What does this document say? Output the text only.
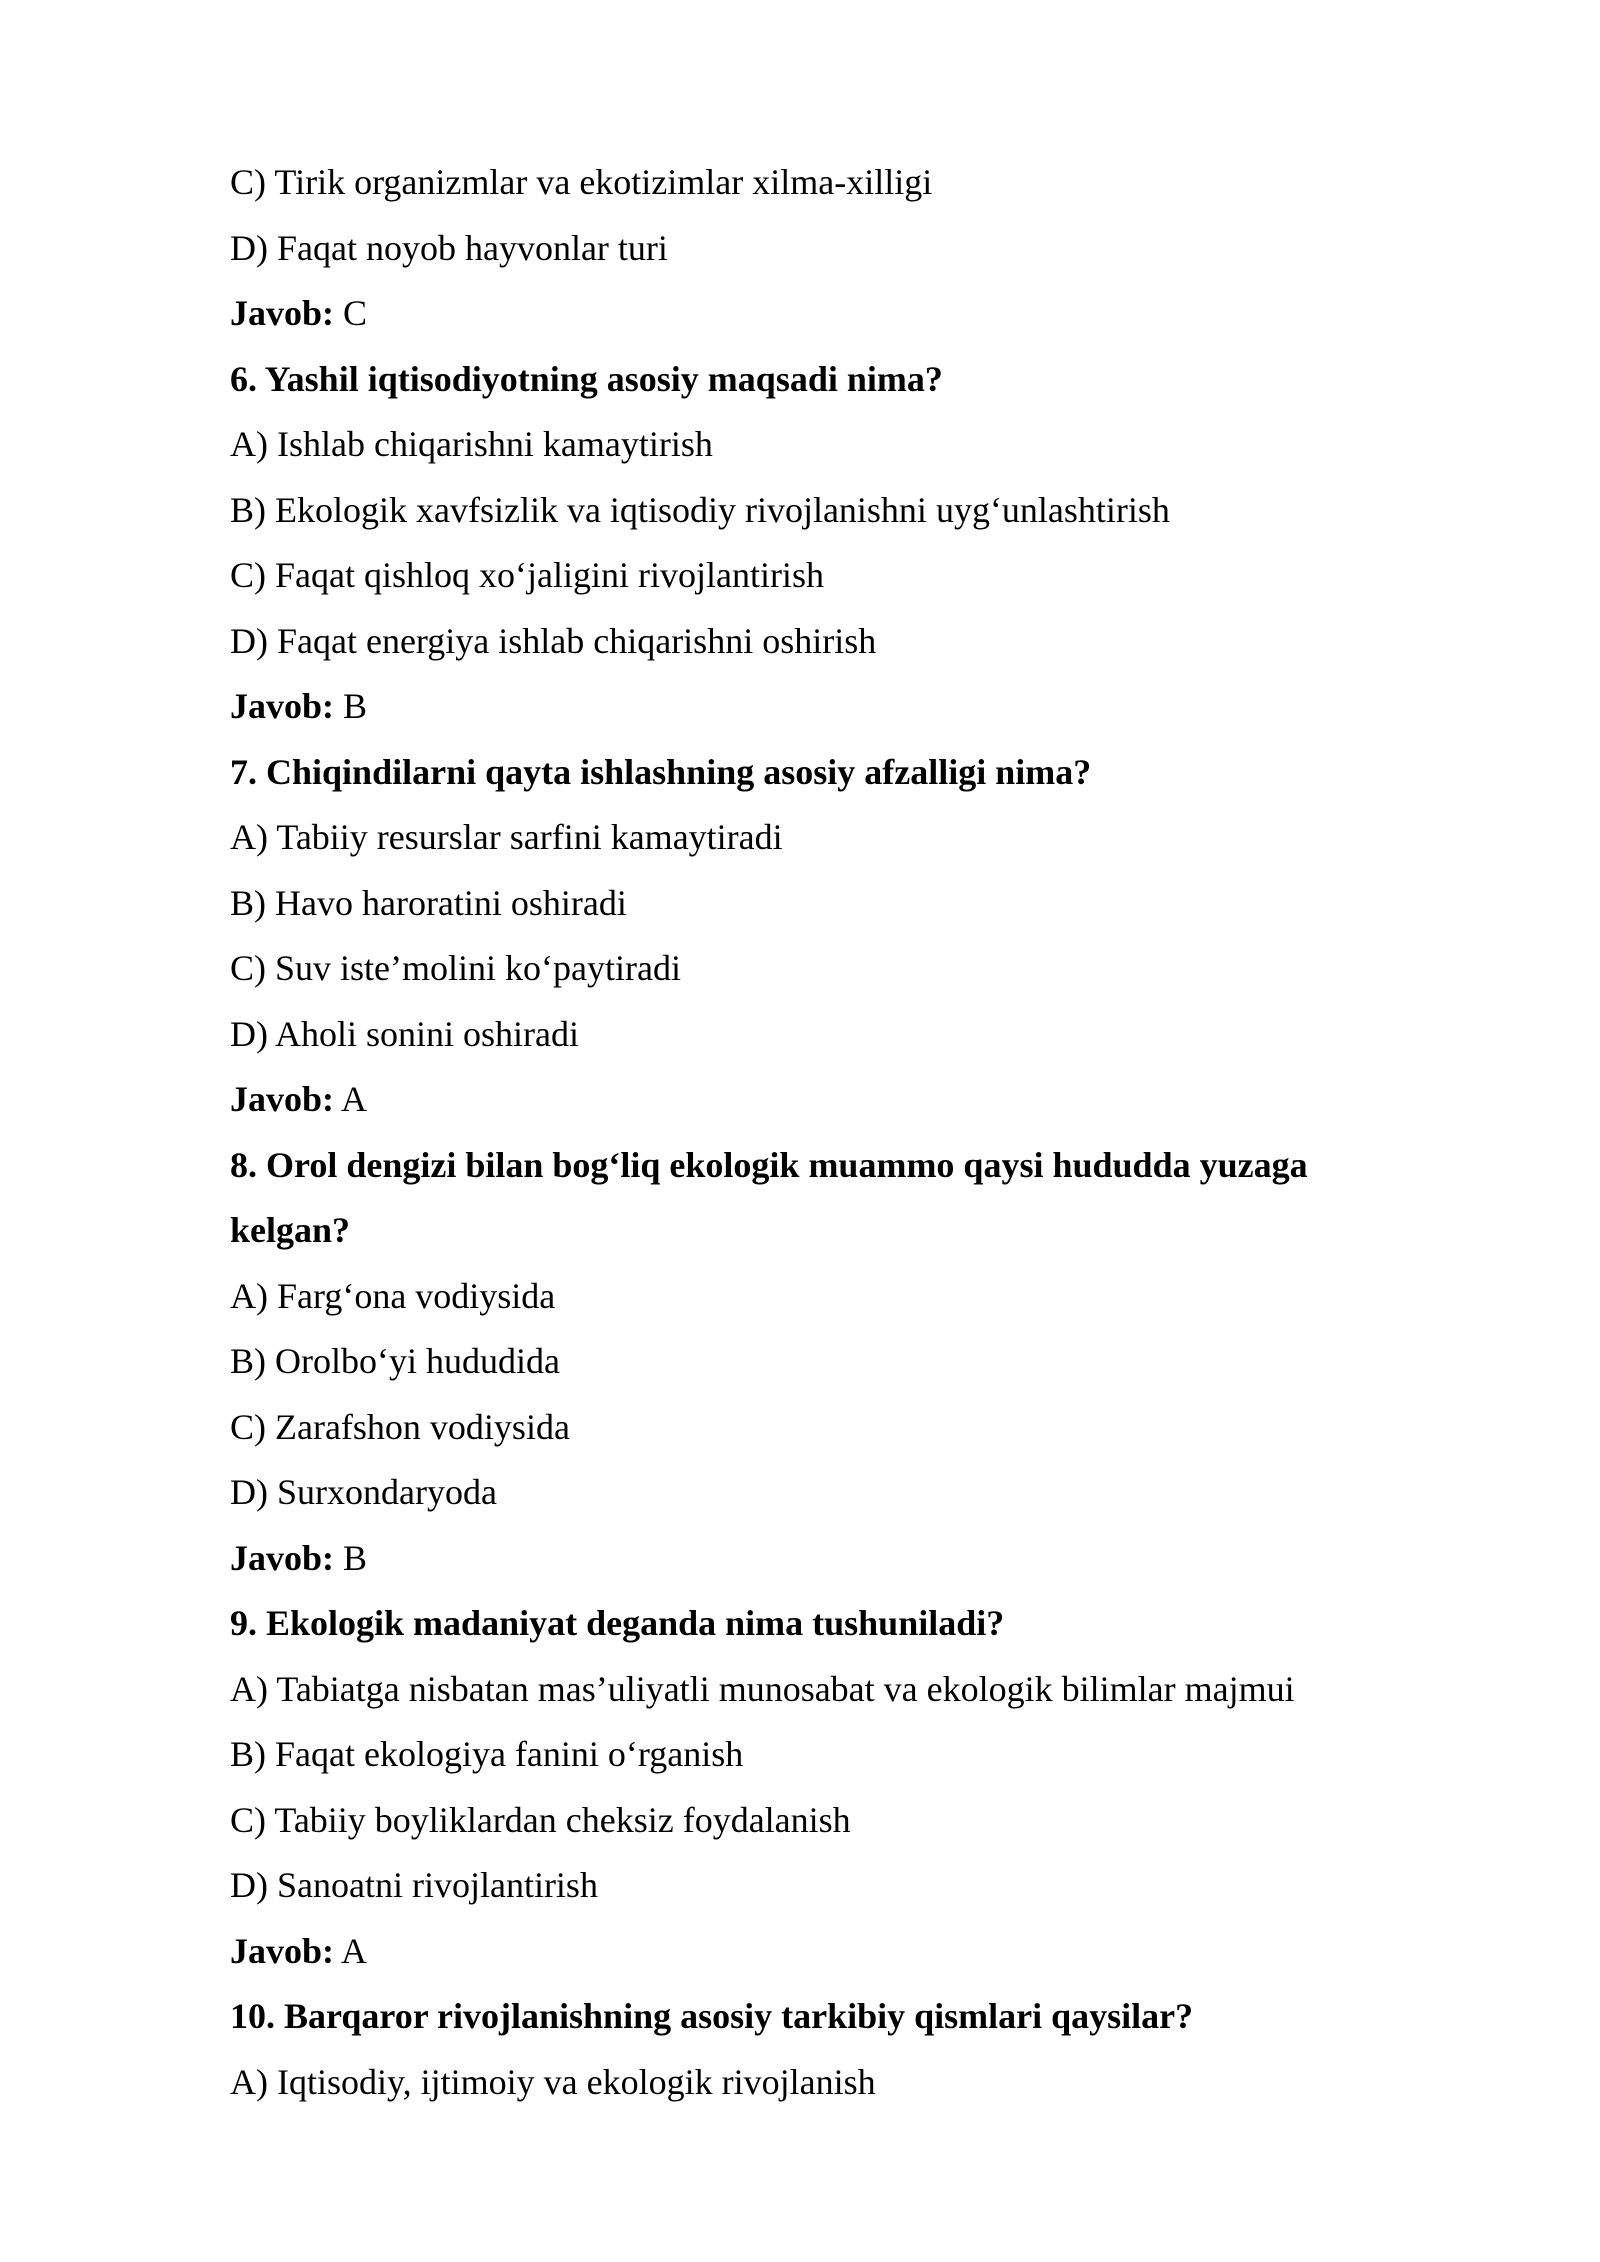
C) Tirik organizmlar va ekotizimlar xilma-xilligi
D) Faqat noyob hayvonlar turi
Javob: C
6. Yashil iqtisodiyotning asosiy maqsadi nima?
A) Ishlab chiqarishni kamaytirish
B) Ekologik xavfsizlik va iqtisodiy rivojlanishni uyg‘unlashtirish
C) Faqat qishloq xo‘jaligini rivojlantirish
D) Faqat energiya ishlab chiqarishni oshirish
Javob: B
7. Chiqindilarni qayta ishlashning asosiy afzalligi nima?
A) Tabiiy resurslar sarfini kamaytiradi
B) Havo haroratini oshiradi
C) Suv iste’molini ko‘paytiradi
D) Aholi sonini oshiradi
Javob: A
8. Orol dengizi bilan bog‘liq ekologik muammo qaysi hududda yuzaga
kelgan?
A) Farg‘ona vodiysida
B) Orolbo‘yi hududida
C) Zarafshon vodiysida
D) Surxondaryoda
Javob: B
9. Ekologik madaniyat deganda nima tushuniladi?
A) Tabiatga nisbatan mas’uliyatli munosabat va ekologik bilimlar majmui
B) Faqat ekologiya fanini o‘rganish
C) Tabiiy boyliklardan cheksiz foydalanish
D) Sanoatni rivojlantirish
Javob: A
10. Barqaror rivojlanishning asosiy tarkibiy qismlari qaysilar?
A) Iqtisodiy, ijtimoiy va ekologik rivojlanish
